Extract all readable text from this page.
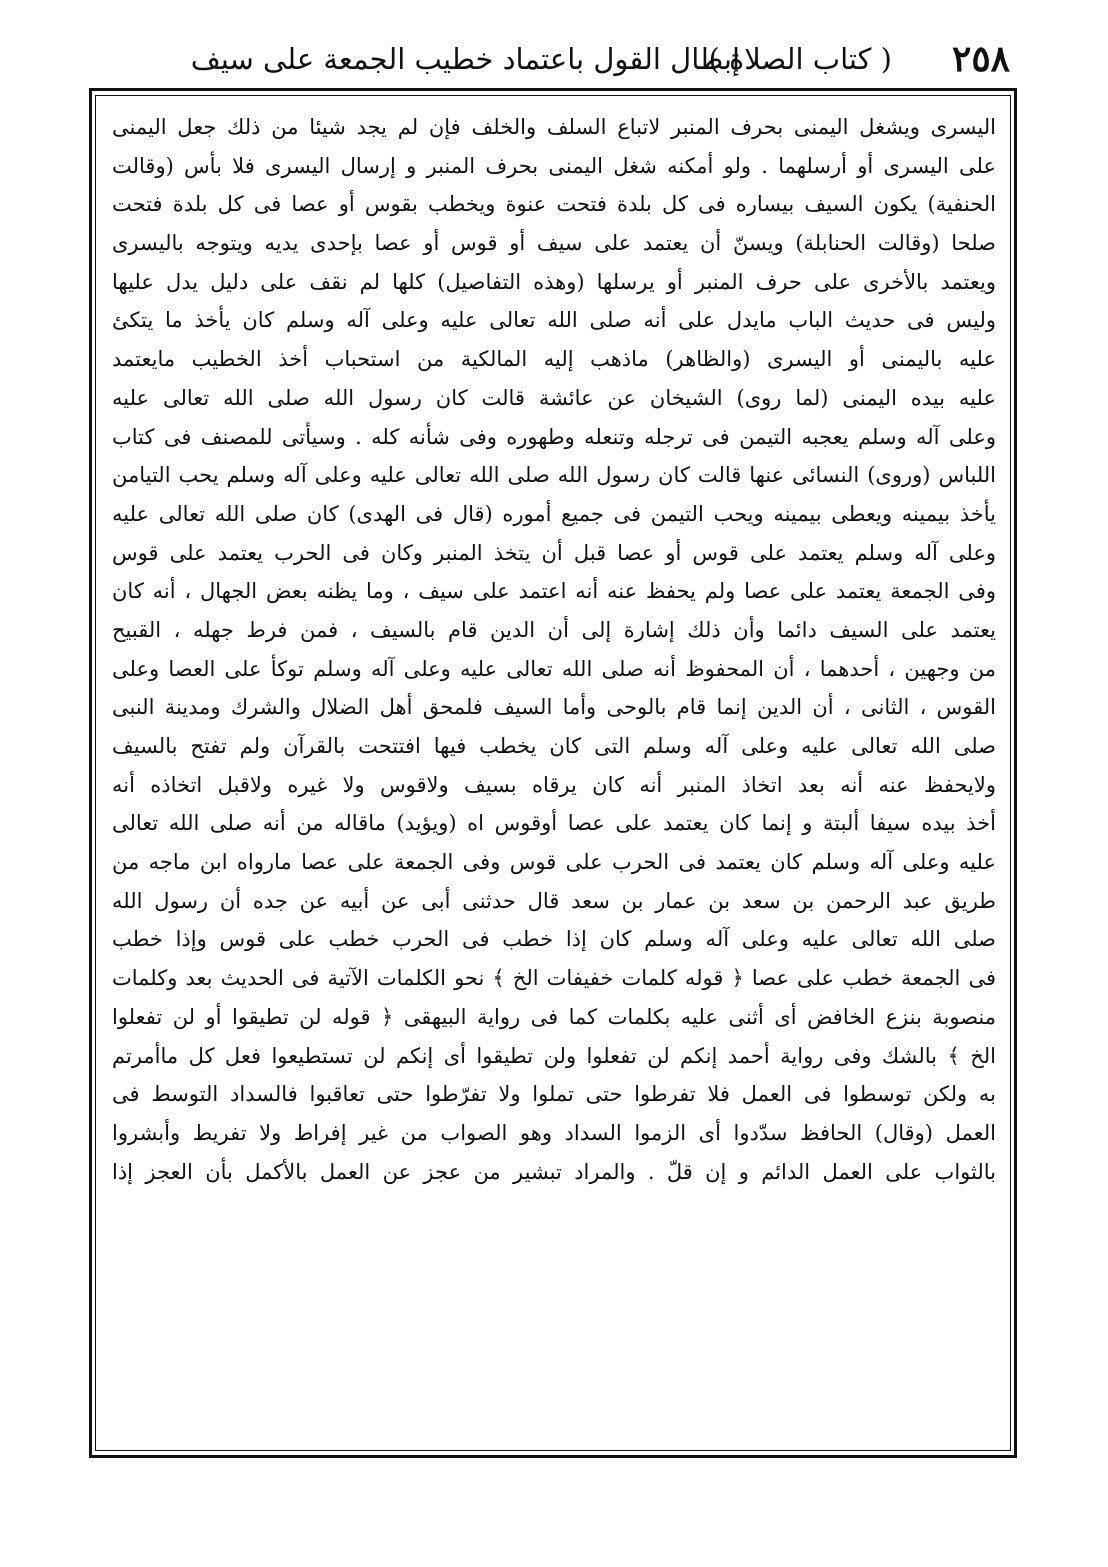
٢٥٨
( كتاب الصلاة )
إبطال القول باعتماد خطيب الجمعة على سيف
اليسرى ويشغل اليمنى بحرف المنبر لاتباع السلف والخلف فإن لم يجد شيئا من ذلك جعل اليمنى
على اليسرى أو أرسلهما . ولو أمكنه شغل اليمنى بحرف المنبر و إرسال اليسرى فلا بأس (وقالت
الحنفية) يكون السيف بيساره فى كل بلدة فتحت عنوة ويخطب بقوس أو عصا فى كل بلدة فتحت
صلحا (وقالت الحنابلة) ويسنّ أن يعتمد على سيف أو قوس أو عصا بإحدى يديه ويتوجه باليسرى
ويعتمد بالأخرى على حرف المنبر أو يرسلها (وهذه التفاصيل) كلها لم نقف على دليل يدل عليها
وليس فى حديث الباب مايدل على أنه صلى الله تعالى عليه وعلى آله وسلم كان يأخذ ما يتكئ
عليه باليمنى أو اليسرى (والظاهر) ماذهب إليه المالكية من استحباب أخذ الخطيب مايعتمد
عليه بيده اليمنى (لما روى) الشيخان عن عائشة قالت كان رسول الله صلى الله تعالى عليه
وعلى آله وسلم يعجبه التيمن فى ترجله وتنعله وطهوره وفى شأنه كله . وسيأتى للمصنف فى كتاب
اللباس (وروى) النسائى عنها قالت كان رسول الله صلى الله تعالى عليه وعلى آله وسلم يحب التيامن
يأخذ بيمينه ويعطى بيمينه ويحب التيمن فى جميع أموره (قال فى الهدى) كان صلى الله تعالى عليه
وعلى آله وسلم يعتمد على قوس أو عصا قبل أن يتخذ المنبر وكان فى الحرب يعتمد على قوس
وفى الجمعة يعتمد على عصا ولم يحفظ عنه أنه اعتمد على سيف ، وما يظنه بعض الجهال ، أنه كان
يعتمد على السيف دائما وأن ذلك إشارة إلى أن الدين قام بالسيف ، فمن فرط جهله ، القبيح
من وجهين ، أحدهما ، أن المحفوظ أنه صلى الله تعالى عليه وعلى آله وسلم توكأ على العصا وعلى
القوس ، الثانى ، أن الدين إنما قام بالوحى وأما السيف فلمحق أهل الضلال والشرك ومدينة النبى
صلى الله تعالى عليه وعلى آله وسلم التى كان يخطب فيها افتتحت بالقرآن ولم تفتح بالسيف
ولايحفظ عنه أنه بعد اتخاذ المنبر أنه كان يرقاه بسيف ولاقوس ولا غيره ولاقبل اتخاذه أنه
أخذ بيده سيفا ألبتة و إنما كان يعتمد على عصا أوقوس اه (ويؤيد) ماقاله من أنه صلى الله تعالى
عليه وعلى آله وسلم كان يعتمد فى الحرب على قوس وفى الجمعة على عصا مارواه ابن ماجه من
طريق عبد الرحمن بن سعد بن عمار بن سعد قال حدثنى أبى عن أبيه عن جده أن رسول الله
صلى الله تعالى عليه وعلى آله وسلم كان إذا خطب فى الحرب خطب على قوس وإذا خطب
فى الجمعة خطب على عصا ﴿ قوله كلمات خفيفات الخ ﴾ نحو الكلمات الآتية فى الحديث بعد وكلمات
منصوبة بنزع الخافض أى أثنى عليه بكلمات كما فى رواية البيهقى ﴿ قوله لن تطيقوا أو لن تفعلوا
الخ ﴾ بالشك وفى رواية أحمد إنكم لن تفعلوا ولن تطيقوا أى إنكم لن تستطيعوا فعل كل ماأمرتم
به ولكن توسطوا فى العمل فلا تفرطوا حتى تملوا ولا تفرّطوا حتى تعاقبوا فالسداد التوسط فى
العمل (وقال) الحافظ سدّدوا أى الزموا السداد وهو الصواب من غير إفراط ولا تفريط وأبشروا
بالثواب على العمل الدائم و إن قلّ . والمراد تبشير من عجز عن العمل بالأكمل بأن العجز إذا
